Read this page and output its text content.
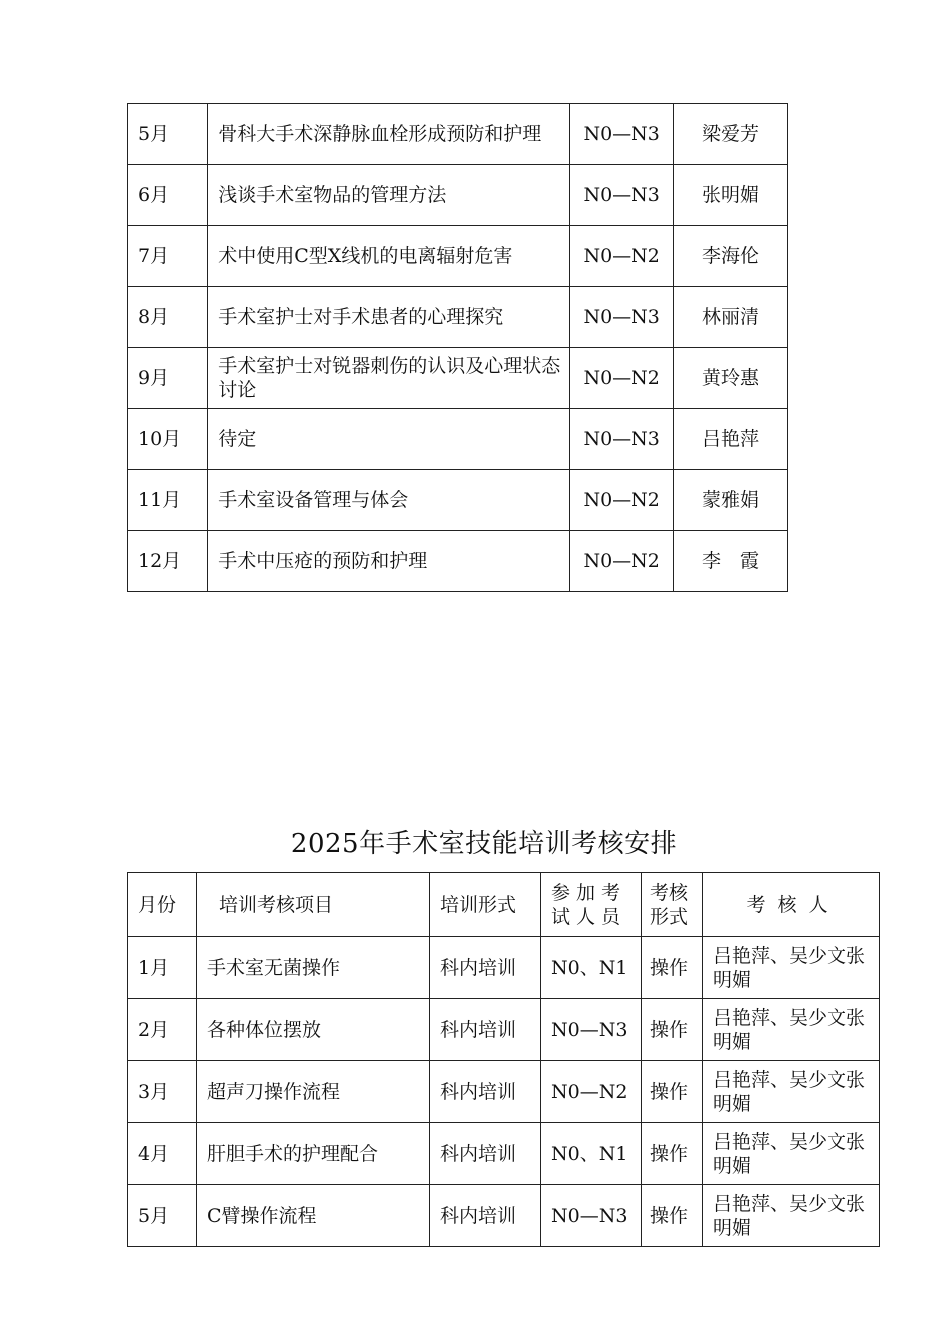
5月	骨科大手术深静脉血栓形成预防和护理	N0—N3	梁爱芳
6月	浅谈手术室物品的管理方法	N0—N3	张明媚
7月	术中使用C型X线机的电离辐射危害	N0—N2	李海伦
8月	手术室护士对手术患者的心理探究	N0—N3	林丽清
9月	手术室护士对锐器刺伤的认识及心理状态讨论	N0—N2	黄玲惠
10月	待定	N0—N3	吕艳萍
11月	手术室设备管理与体会	N0—N2	蒙雅娟
12月	手术中压疮的预防和护理	N0—N2	李　霞
2025年手术室技能培训考核安排
月份	培训考核项目	培训形式	参加考试人员	考核形式	考核人
1月	手术室无菌操作	科内培训	N0、N1	操作	吕艳萍、吴少文张明媚
2月	各种体位摆放	科内培训	N0—N3	操作	吕艳萍、吴少文张明媚
3月	超声刀操作流程	科内培训	N0—N2	操作	吕艳萍、吴少文张明媚
4月	肝胆手术的护理配合	科内培训	N0、N1	操作	吕艳萍、吴少文张明媚
5月	C臂操作流程	科内培训	N0—N3	操作	吕艳萍、吴少文张明媚
